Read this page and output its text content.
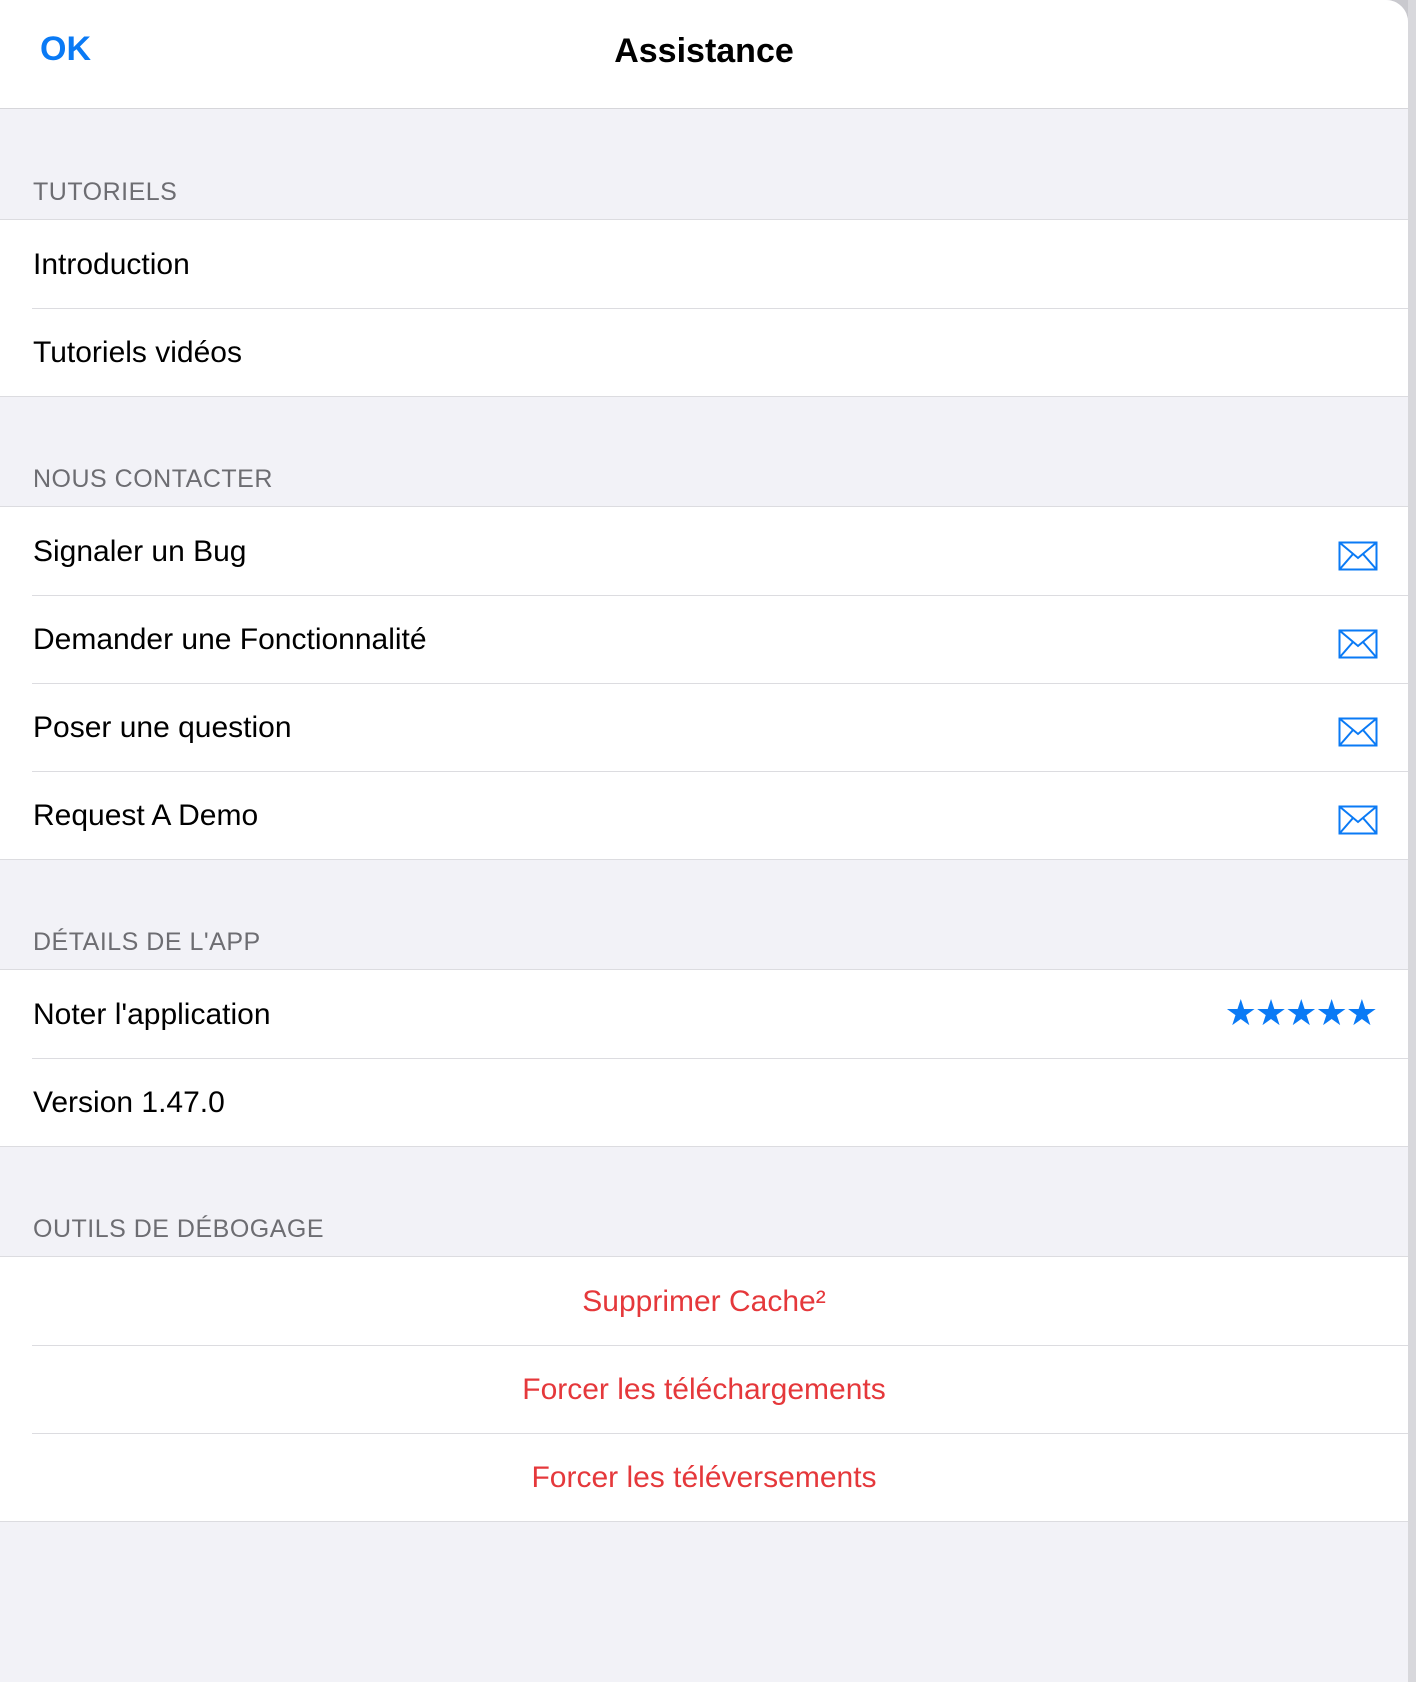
OK	Assistance
TUTORIELS
Introduction
Tutoriels vidéos
NOUS CONTACTER
Signaler un Bug
Demander une Fonctionnalité
Poser une question
Request A Demo
DÉTAILS DE L'APP
Noter l'application	★★★★★
Version 1.47.0
OUTILS DE DÉBOGAGE
Supprimer Cache²
Forcer les téléchargements
Forcer les téléversements
